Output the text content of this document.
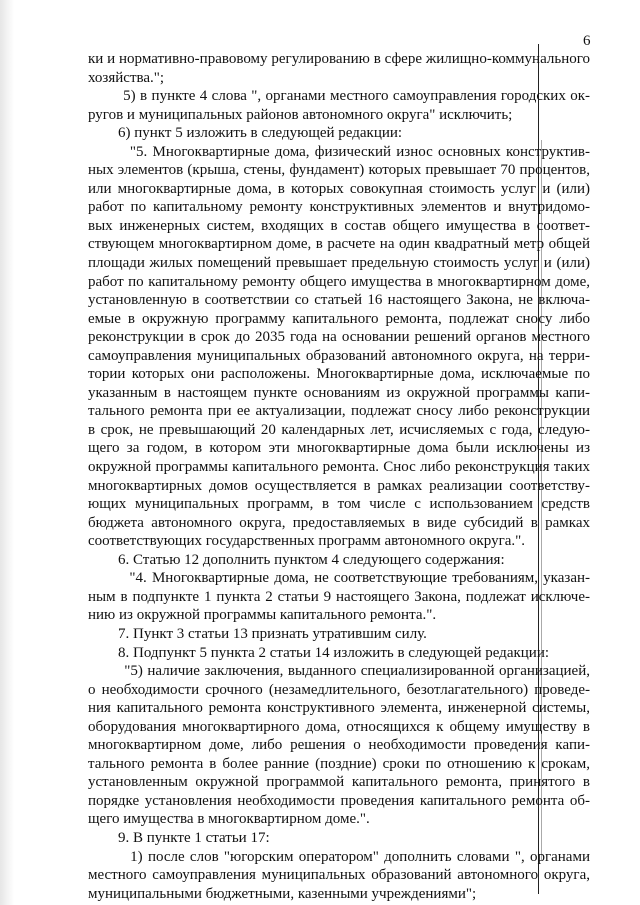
6
ки и нормативно-правовому регулированию в сфере жилищно-коммунального
хозяйства.";
5) в пункте 4 слова ", органами местного самоуправления городских ок-
ругов и муниципальных районов автономного округа" исключить;
6) пункт 5 изложить в следующей редакции:
"5. Многоквартирные дома, физический износ основных конструктив-
ных элементов (крыша, стены, фундамент) которых превышает 70 процентов,
или многоквартирные дома, в которых совокупная стоимость услуг и (или)
работ по капитальному ремонту конструктивных элементов и внутридомо-
вых инженерных систем, входящих в состав общего имущества в соответ-
ствующем многоквартирном доме, в расчете на один квадратный метр общей
площади жилых помещений превышает предельную стоимость услуг и (или)
работ по капитальному ремонту общего имущества в многоквартирном доме,
установленную в соответствии со статьей 16 настоящего Закона, не включа-
емые в окружную программу капитального ремонта, подлежат сносу либо
реконструкции в срок до 2035 года на основании решений органов местного
самоуправления муниципальных образований автономного округа, на терри-
тории которых они расположены. Многоквартирные дома, исключаемые по
указанным в настоящем пункте основаниям из окружной программы капи-
тального ремонта при ее актуализации, подлежат сносу либо реконструкции
в срок, не превышающий 20 календарных лет, исчисляемых с года, следую-
щего за годом, в котором эти многоквартирные дома были исключены из
окружной программы капитального ремонта. Снос либо реконструкция таких
многоквартирных домов осуществляется в рамках реализации соответству-
ющих муниципальных программ, в том числе с использованием средств
бюджета автономного округа, предоставляемых в виде субсидий в рамках
соответствующих государственных программ автономного округа.".
6. Статью 12 дополнить пунктом 4 следующего содержания:
"4. Многоквартирные дома, не соответствующие требованиям, указан-
ным в подпункте 1 пункта 2 статьи 9 настоящего Закона, подлежат исключе-
нию из окружной программы капитального ремонта.".
7. Пункт 3 статьи 13 признать утратившим силу.
8. Подпункт 5 пункта 2 статьи 14 изложить в следующей редакции:
"5) наличие заключения, выданного специализированной организацией,
о необходимости срочного (незамедлительного, безотлагательного) проведе-
ния капитального ремонта конструктивного элемента, инженерной системы,
оборудования многоквартирного дома, относящихся к общему имуществу в
многоквартирном доме, либо решения о необходимости проведения капи-
тального ремонта в более ранние (поздние) сроки по отношению к срокам,
установленным окружной программой капитального ремонта, принятого в
порядке установления необходимости проведения капитального ремонта об-
щего имущества в многоквартирном доме.".
9. В пункте 1 статьи 17:
1) после слов "югорским оператором" дополнить словами ", органами
местного самоуправления муниципальных образований автономного округа,
муниципальными бюджетными, казенными учреждениями";
